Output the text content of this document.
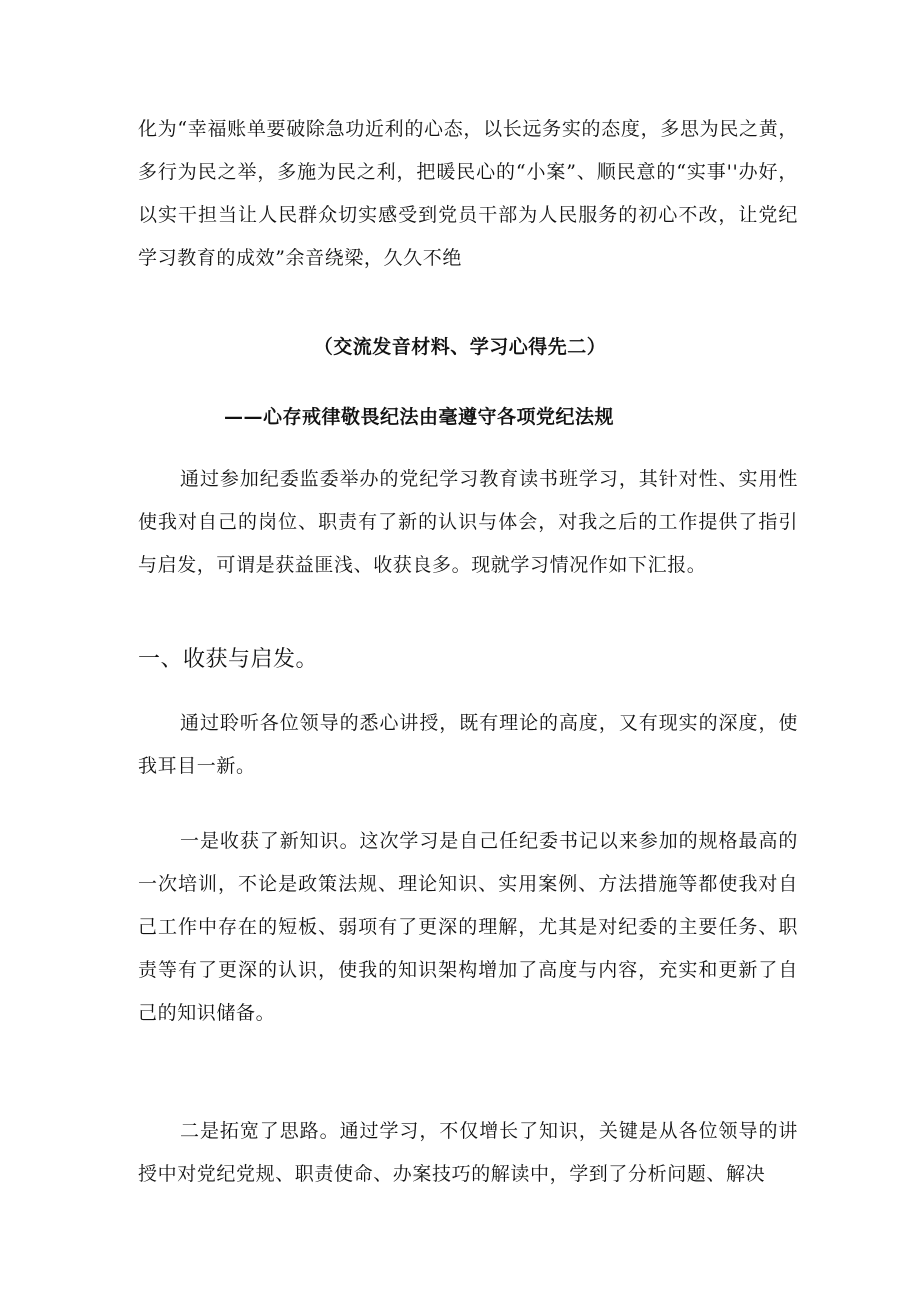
化为“幸福账单要破除急功近利的心态，以长远务实的态度，多思为民之黄，多行为民之举，多施为民之利，把暖民心的“小案”、顺民意的“实事''办好，以实干担当让人民群众切实感受到党员干部为人民服务的初心不改，让党纪学习教育的成效”余音绕梁，久久不绝

（交流发音材料、学习心得先二）

——心存戒律敬畏纪法由毫遵守各项党纪法规

通过参加纪委监委举办的党纪学习教育读书班学习，其针对性、实用性使我对自己的岗位、职责有了新的认识与体会，对我之后的工作提供了指引与启发，可谓是获益匪浅、收获良多。现就学习情况作如下汇报。

一、收获与启发。

通过聆听各位领导的悉心讲授，既有理论的高度，又有现实的深度，使我耳目一新。

一是收获了新知识。这次学习是自己任纪委书记以来参加的规格最高的一次培训，不论是政策法规、理论知识、实用案例、方法措施等都使我对自己工作中存在的短板、弱项有了更深的理解，尤其是对纪委的主要任务、职责等有了更深的认识，使我的知识架构增加了高度与内容，充实和更新了自己的知识储备。

二是拓宽了思路。通过学习，不仅增长了知识，关键是从各位领导的讲授中对党纪党规、职责使命、办案技巧的解读中，学到了分析问题、解决
